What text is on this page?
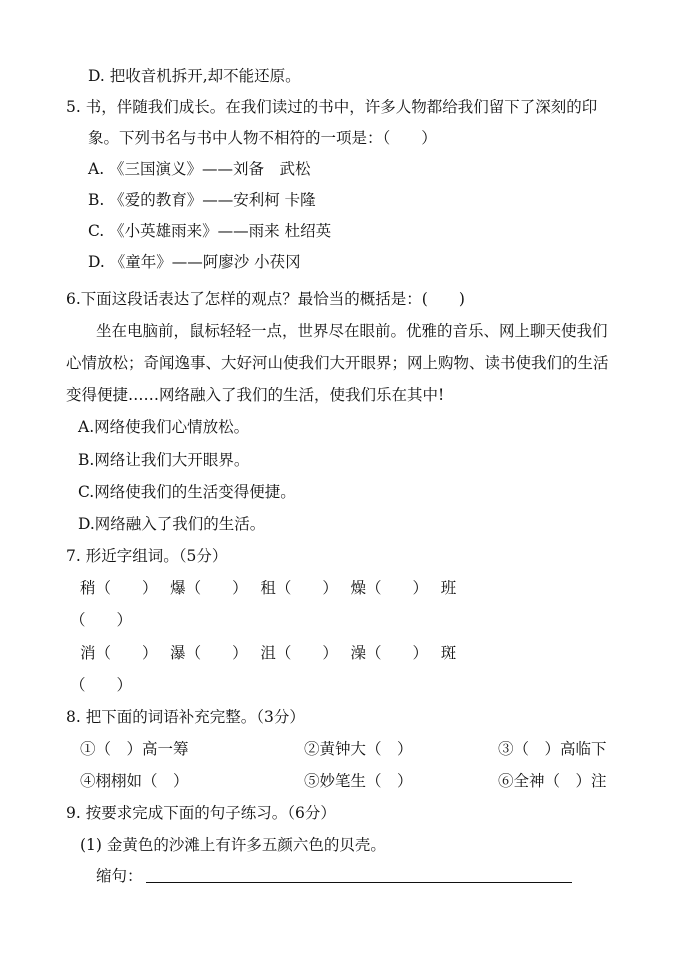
D. 把收音机拆开,却不能还原。
5. 书，伴随我们成长。在我们读过的书中，许多人物都给我们留下了深刻的印
象。下列书名与书中人物不相符的一项是：（　　）
A. 《三国演义》——刘备　武松
B. 《爱的教育》——安利柯 卡隆
C. 《小英雄雨来》——雨来 杜绍英
D. 《童年》——阿廖沙 小茯冈
6.下面这段话表达了怎样的观点？最恰当的概括是：(　　)
坐在电脑前，鼠标轻轻一点，世界尽在眼前。优雅的音乐、网上聊天使我们
心情放松；奇闻逸事、大好河山使我们大开眼界；网上购物、读书使我们的生活
变得便捷……网络融入了我们的生活，使我们乐在其中!
A.网络使我们心情放松。
B.网络让我们大开眼界。
C.网络使我们的生活变得便捷。
D.网络融入了我们的生活。
7. 形近字组词。（5分）
稍（　　）　 爆（　　）　 租（　　）　 燥（　　）　 班
（　　）
消（　　）　 瀑（　　）　 沮（　　）　 澡（　　）　 斑
（　　）
8. 把下面的词语补充完整。（3分）
①（　）高一筹	②黄钟大（　）	③（　）高临下
④栩栩如（　）	⑤妙笔生（　）	⑥全神（　）注
9. 按要求完成下面的句子练习。（6分）
(1) 金黄色的沙滩上有许多五颜六色的贝壳。
缩句：
